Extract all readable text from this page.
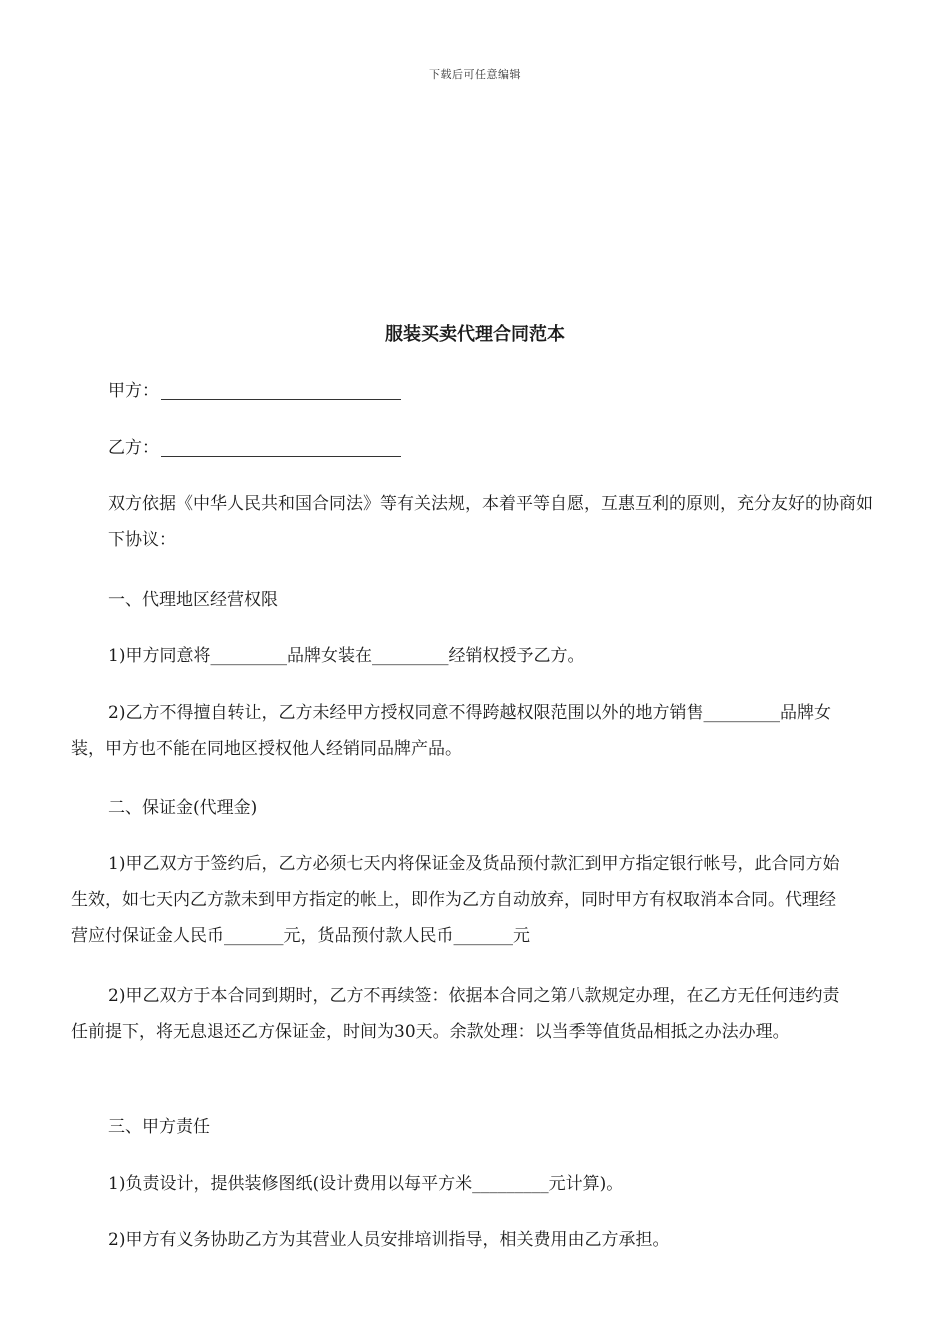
下载后可任意编辑
服装买卖代理合同范本
甲方：
乙方：
双方依据《中华人民共和国合同法》等有关法规，本着平等自愿，互惠互利的原则，充分友好的协商如下协议：
一、代理地区经营权限
1)甲方同意将_________品牌女装在_________经销权授予乙方。
2)乙方不得擅自转让，乙方未经甲方授权同意不得跨越权限范围以外的地方销售_________品牌女装，甲方也不能在同地区授权他人经销同品牌产品。
二、保证金(代理金)
1)甲乙双方于签约后，乙方必须七天内将保证金及货品预付款汇到甲方指定银行帐号，此合同方始生效，如七天内乙方款未到甲方指定的帐上，即作为乙方自动放弃，同时甲方有权取消本合同。代理经营应付保证金人民币_______元，货品预付款人民币_______元
2)甲乙双方于本合同到期时，乙方不再续签：依据本合同之第八款规定办理，在乙方无任何违约责任前提下，将无息退还乙方保证金，时间为30天。余款处理：以当季等值货品相抵之办法办理。
三、甲方责任
1)负责设计，提供装修图纸(设计费用以每平方米_________元计算)。
2)甲方有义务协助乙方为其营业人员安排培训指导，相关费用由乙方承担。
